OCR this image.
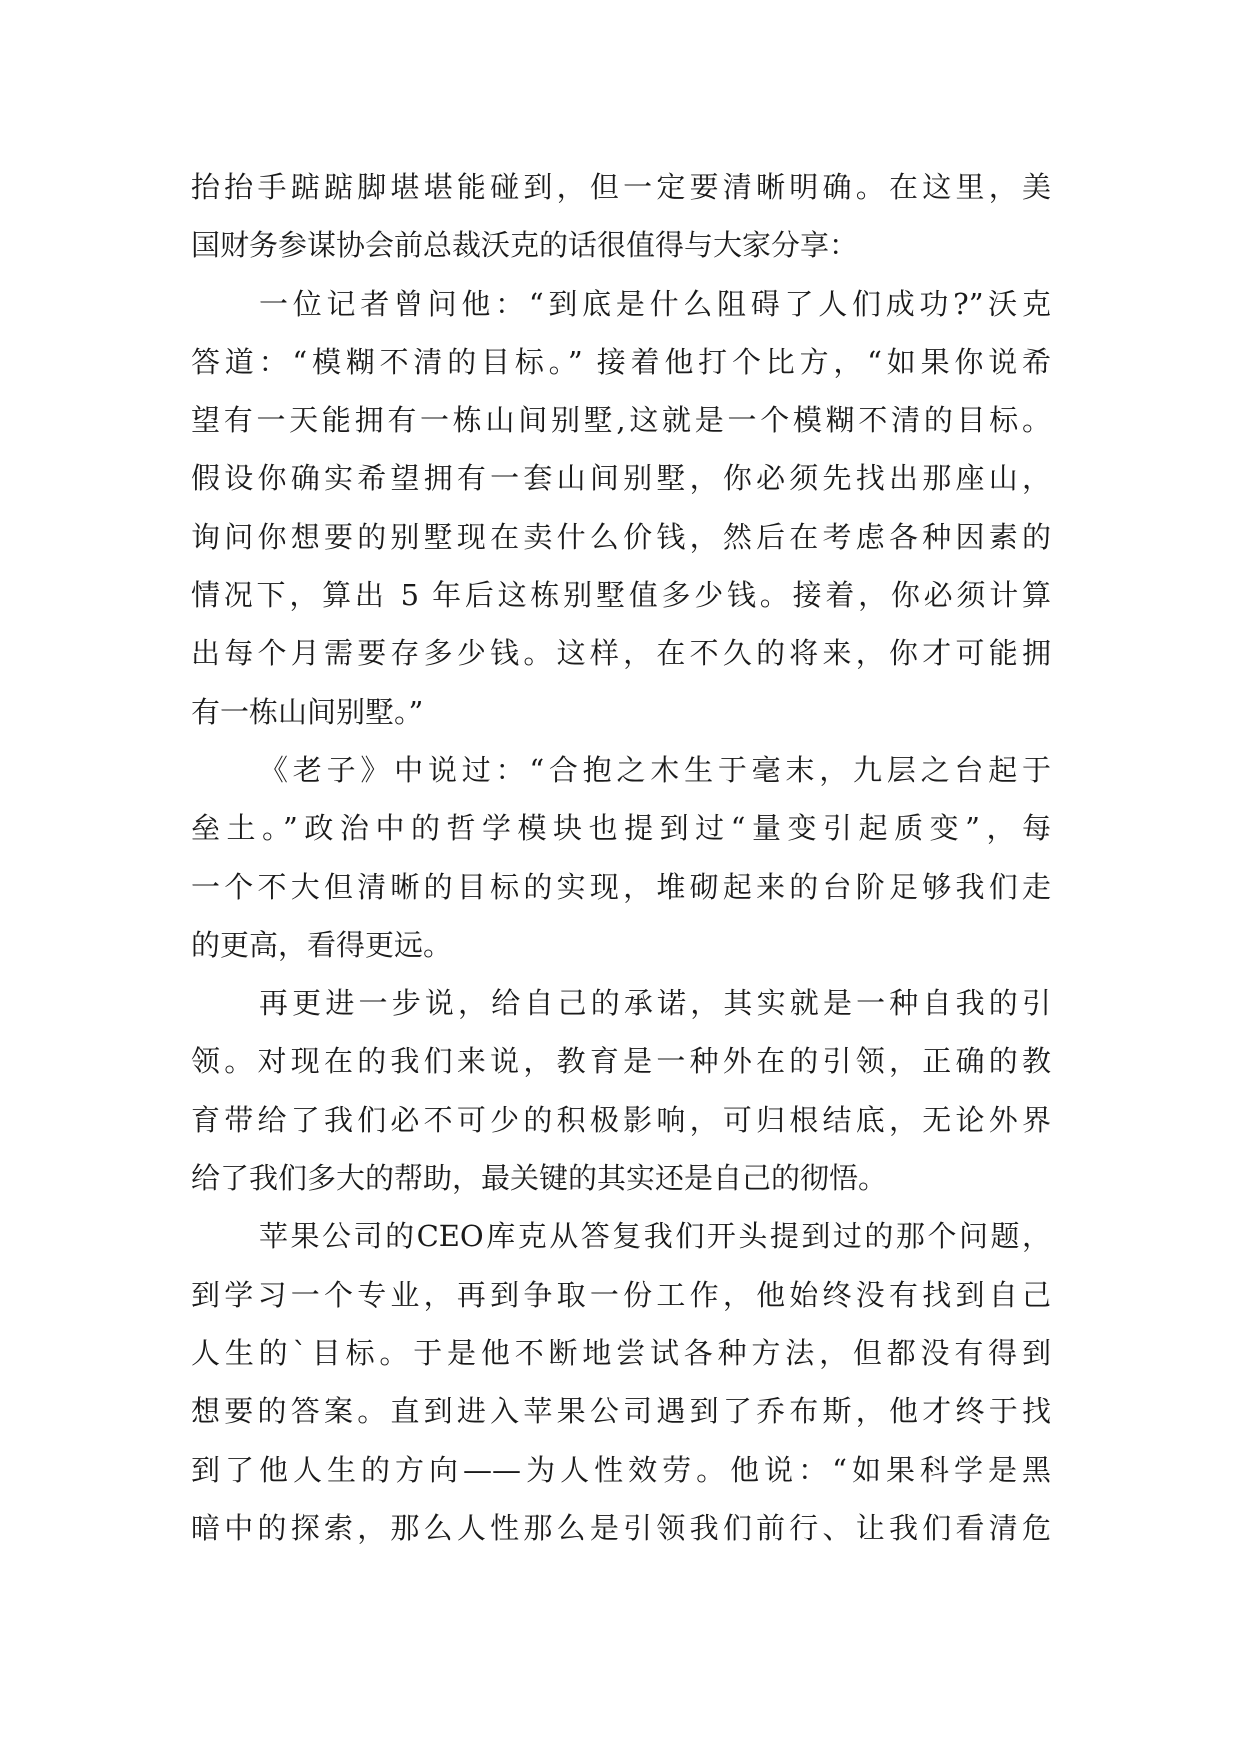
抬抬手踮踮脚堪堪能碰到，但一定要清晰明确。在这里，美
国财务参谋协会前总裁沃克的话很值得与大家分享：
一位记者曾问他：“到底是什么阻碍了人们成功?”沃克
答道：“模糊不清的目标。” 接着他打个比方，“如果你说希
望有一天能拥有一栋山间别墅,这就是一个模糊不清的目标。
假设你确实希望拥有一套山间别墅，你必须先找出那座山，
询问你想要的别墅现在卖什么价钱，然后在考虑各种因素的
情况下，算出 5 年后这栋别墅值多少钱。接着，你必须计算
出每个月需要存多少钱。这样，在不久的将来，你才可能拥
有一栋山间别墅。”
《老子》中说过：“合抱之木生于毫末，九层之台起于
垒土。”政治中的哲学模块也提到过“量变引起质变”，每
一个不大但清晰的目标的实现，堆砌起来的台阶足够我们走
的更高，看得更远。
再更进一步说，给自己的承诺，其实就是一种自我的引
领。对现在的我们来说，教育是一种外在的引领，正确的教
育带给了我们必不可少的积极影响，可归根结底，无论外界
给了我们多大的帮助，最关键的其实还是自己的彻悟。
苹果公司的CEO库克从答复我们开头提到过的那个问题，
到学习一个专业，再到争取一份工作，他始终没有找到自己
人生的`目标。于是他不断地尝试各种方法，但都没有得到
想要的答案。直到进入苹果公司遇到了乔布斯，他才终于找
到了他人生的方向——为人性效劳。他说：“如果科学是黑
暗中的探索，那么人性那么是引领我们前行、让我们看清危
